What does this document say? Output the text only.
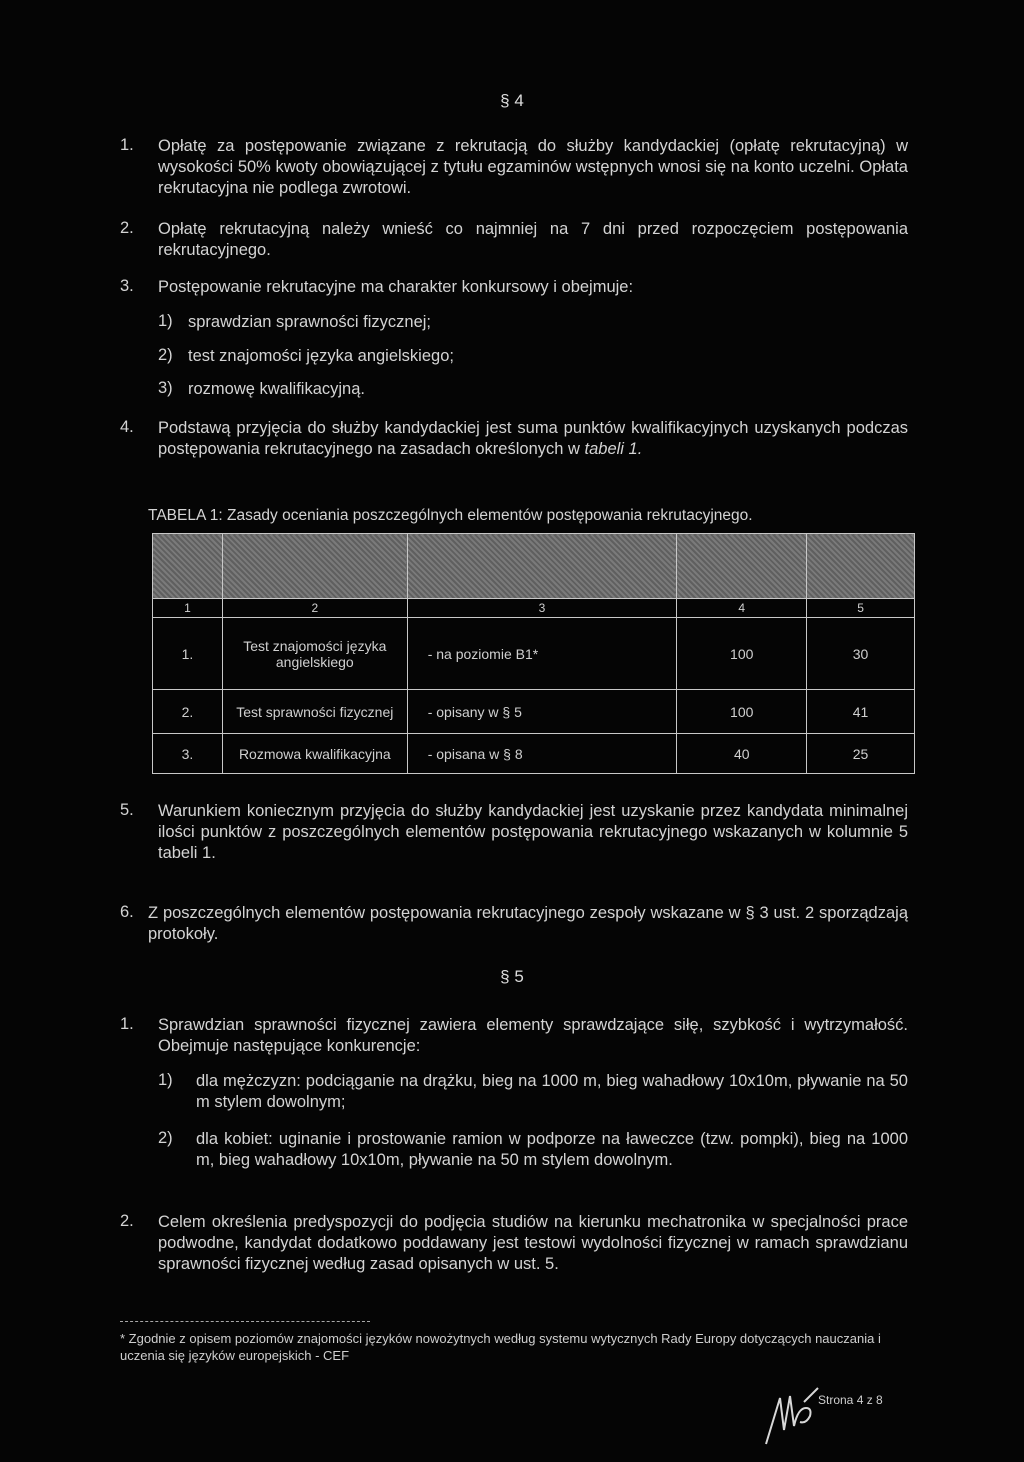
§ 4
1. Opłatę za postępowanie związane z rekrutacją do służby kandydackiej (opłatę rekrutacyjną) w wysokości 50% kwoty obowiązującej z tytułu egzaminów wstępnych wnosi się na konto uczelni. Opłata rekrutacyjna nie podlega zwrotowi.
2. Opłatę rekrutacyjną należy wnieść co najmniej na 7 dni przed rozpoczęciem postępowania rekrutacyjnego.
3. Postępowanie rekrutacyjne ma charakter konkursowy i obejmuje:
1) sprawdzian sprawności fizycznej;
2) test znajomości języka angielskiego;
3) rozmowę kwalifikacyjną.
4. Podstawą przyjęcia do służby kandydackiej jest suma punktów kwalifikacyjnych uzyskanych podczas postępowania rekrutacyjnego na zasadach określonych w tabeli 1.
TABELA 1: Zasady oceniania poszczególnych elementów postępowania rekrutacyjnego.

1	2	3	4	5
1.	Test znajomości języka angielskiego	- na poziomie B1*	100	30
2.	Test sprawności fizycznej	- opisany w § 5	100	41
3.	Rozmowa kwalifikacyjna	- opisana w § 8	40	25
5. Warunkiem koniecznym przyjęcia do służby kandydackiej jest uzyskanie przez kandydata minimalnej ilości punktów z poszczególnych elementów postępowania rekrutacyjnego wskazanych w kolumnie 5 tabeli 1.
6. Z poszczególnych elementów postępowania rekrutacyjnego zespoły wskazane w § 3 ust. 2 sporządzają protokoły.
§ 5
1. Sprawdzian sprawności fizycznej zawiera elementy sprawdzające siłę, szybkość i wytrzymałość. Obejmuje następujące konkurencje:
1) dla mężczyzn: podciąganie na drążku, bieg na 1000 m, bieg wahadłowy 10x10m, pływanie na 50 m stylem dowolnym;
2) dla kobiet: uginanie i prostowanie ramion w podporze na ławeczce (tzw. pompki), bieg na 1000 m, bieg wahadłowy 10x10m, pływanie na 50 m stylem dowolnym.
2. Celem określenia predyspozycji do podjęcia studiów na kierunku mechatronika w specjalności prace podwodne, kandydat dodatkowo poddawany jest testowi wydolności fizycznej w ramach sprawdzianu sprawności fizycznej według zasad opisanych w ust. 5.
* Zgodnie z opisem poziomów znajomości języków nowożytnych według systemu wytycznych Rady Europy dotyczących nauczania i uczenia się języków europejskich - CEF
Strona 4 z 8
